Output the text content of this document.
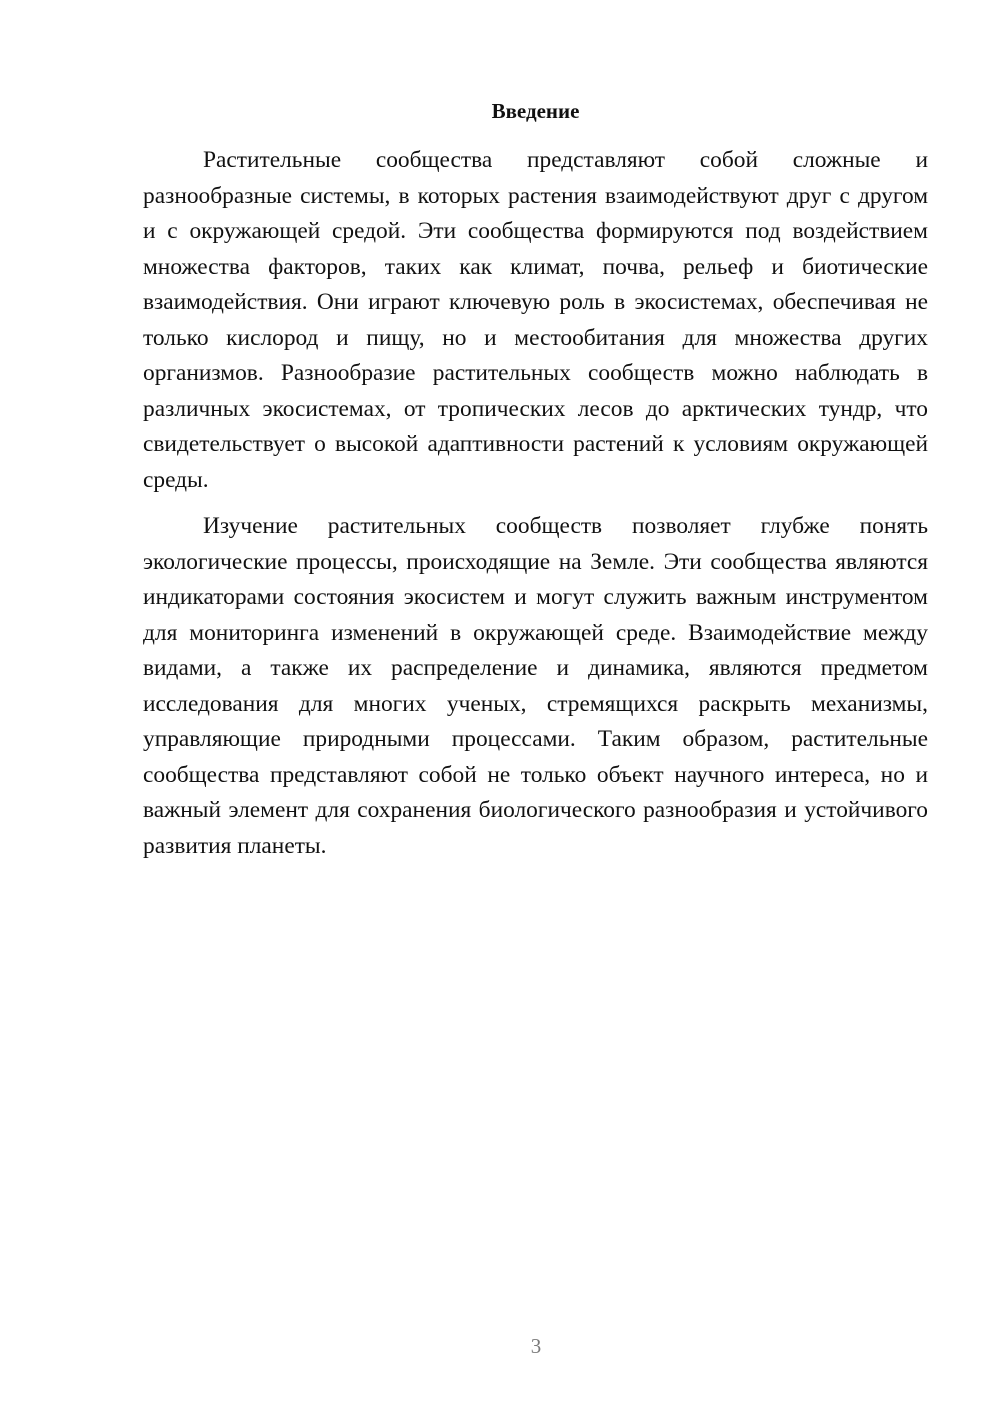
Введение

Растительные сообщества представляют собой сложные и разнообразные системы, в которых растения взаимодействуют друг с другом и с окружающей средой. Эти сообщества формируются под воздействием множества факторов, таких как климат, почва, рельеф и биотические взаимодействия. Они играют ключевую роль в экосистемах, обеспечивая не только кислород и пищу, но и местообитания для множества других организмов. Разнообразие растительных сообществ можно наблюдать в различных экосистемах, от тропических лесов до арктических тундр, что свидетельствует о высокой адаптивности растений к условиям окружающей среды.

Изучение растительных сообществ позволяет глубже понять экологические процессы, происходящие на Земле. Эти сообщества являются индикаторами состояния экосистем и могут служить важным инструментом для мониторинга изменений в окружающей среде. Взаимодействие между видами, а также их распределение и динамика, являются предметом исследования для многих ученых, стремящихся раскрыть механизмы, управляющие природными процессами. Таким образом, растительные сообщества представляют собой не только объект научного интереса, но и важный элемент для сохранения биологического разнообразия и устойчивого развития планеты.

3
